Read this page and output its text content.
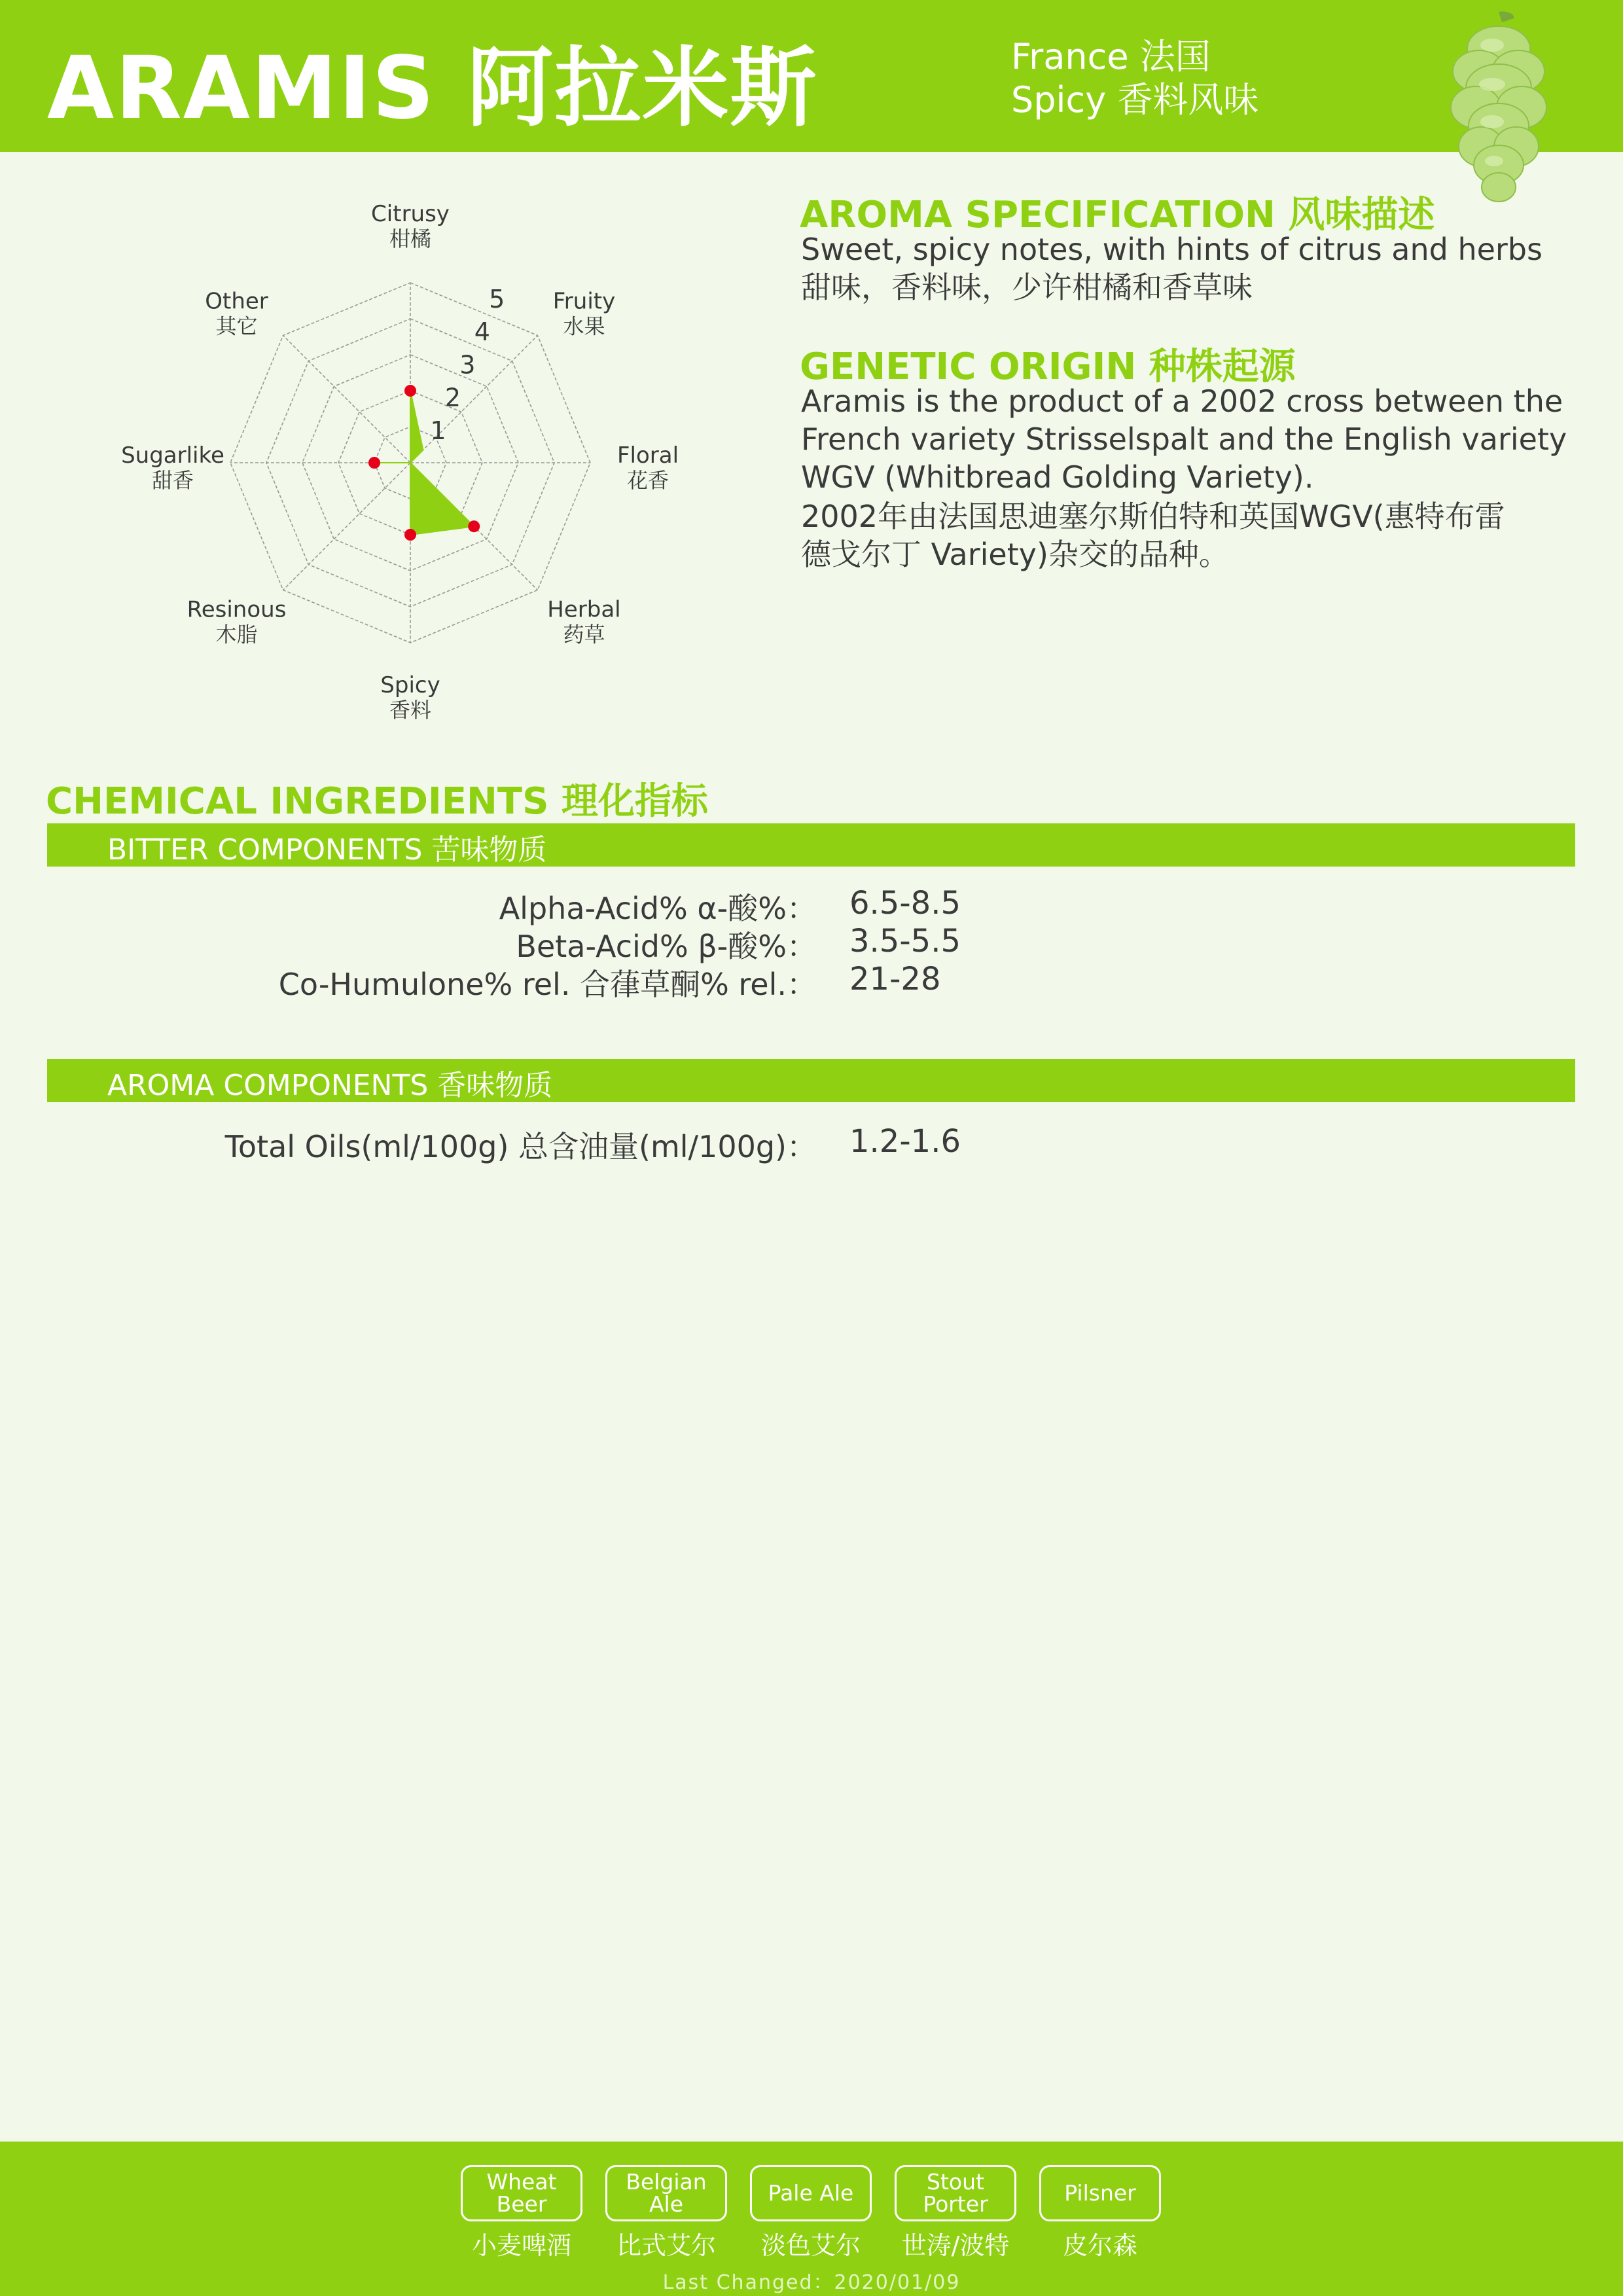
ARAMIS 阿拉米斯	France 法国
Spicy 香料风味
1
2
3
4
5
Citrusy
柑橘
Fruity
水果
Floral
花香
Herbal
药草
Spicy
香料
Resinous
木脂
Sugarlike
甜香
Other
其它
AROMA SPECIFICATION 风味描述
Sweet, spicy notes, with hints of citrus and herbs
甜味，香料味，少许柑橘和香草味
GENETIC ORIGIN 种株起源
Aramis is the product of a 2002 cross between the
French variety Strisselspalt and the English variety
WGV (Whitbread Golding Variety).
2002年由法国思迪塞尔斯伯特和英国WGV(惠特布雷
德戈尔丁 Variety)杂交的品种。
CHEMICAL INGREDIENTS 理化指标
BITTER COMPONENTS 苦味物质
Alpha-Acid% α-酸%： 6.5-8.5
Beta-Acid% β-酸%： 3.5-5.5
Co-Humulone% rel. 合葎草酮% rel.： 21-28
AROMA COMPONENTS 香味物质
Total Oils(ml/100g) 总含油量(ml/100g)： 1.2-1.6
Wheat Beer
小麦啤酒
Belgian Ale
比式艾尔
Pale Ale
淡色艾尔
Stout Porter
世涛/波特
Pilsner
皮尔森
Last Changed：2020/01/09
